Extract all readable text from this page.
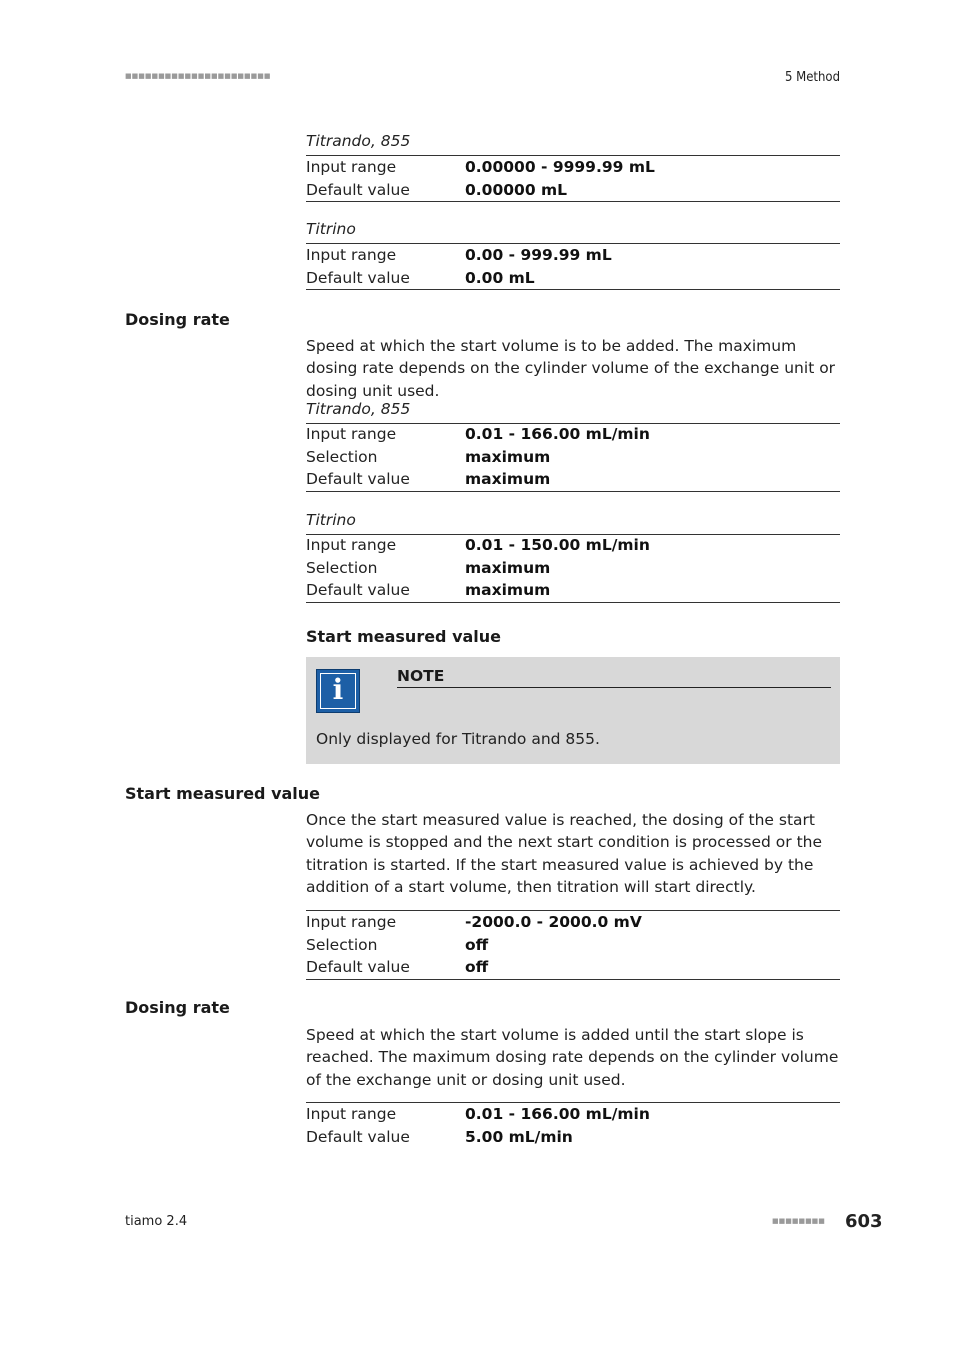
■■■■■■■■■■■■■■■■■■■■■■	5 Method
Titrando, 855
Input range	0.00000 - 9999.99 mL
Default value	0.00000 mL
Titrino
Input range	0.00 - 999.99 mL
Default value	0.00 mL
Dosing rate
Speed at which the start volume is to be added. The maximum dosing rate depends on the cylinder volume of the exchange unit or dosing unit used.
Titrando, 855
Input range	0.01 - 166.00 mL/min
Selection	maximum
Default value	maximum
Titrino
Input range	0.01 - 150.00 mL/min
Selection	maximum
Default value	maximum
Start measured value
i	NOTE
Only displayed for Titrando and 855.
Start measured value
Once the start measured value is reached, the dosing of the start volume is stopped and the next start condition is processed or the titration is started. If the start measured value is achieved by the addition of a start volume, then titration will start directly.
Input range	-2000.0 - 2000.0 mV
Selection	off
Default value	off
Dosing rate
Speed at which the start volume is added until the start slope is reached. The maximum dosing rate depends on the cylinder volume of the exchange unit or dosing unit used.
Input range	0.01 - 166.00 mL/min
Default value	5.00 mL/min
tiamo 2.4	■■■■■■■■ 603
